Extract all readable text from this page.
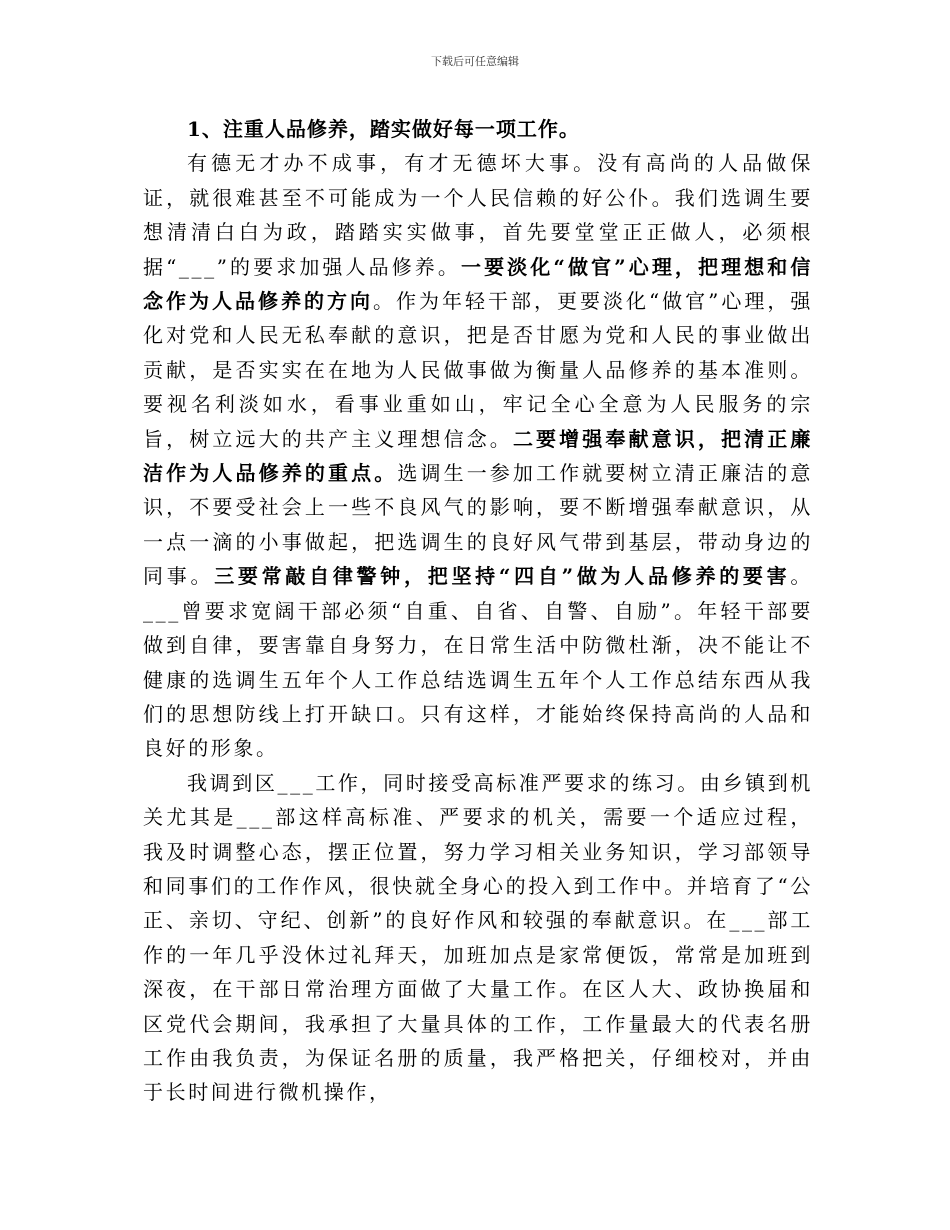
下载后可任意编辑

1、注重人品修养，踏实做好每一项工作。

有德无才办不成事，有才无德坏大事。没有高尚的人品做保证，就很难甚至不可能成为一个人民信赖的好公仆。我们选调生要想清清白白为政，踏踏实实做事，首先要堂堂正正做人，必须根据“___”的要求加强人品修养。一要淡化“做官”心理，把理想和信念作为人品修养的方向。作为年轻干部，更要淡化“做官”心理，强化对党和人民无私奉献的意识，把是否甘愿为党和人民的事业做出贡献，是否实实在在地为人民做事做为衡量人品修养的基本准则。要视名利淡如水，看事业重如山，牢记全心全意为人民服务的宗旨，树立远大的共产主义理想信念。二要增强奉献意识，把清正廉洁作为人品修养的重点。选调生一参加工作就要树立清正廉洁的意识，不要受社会上一些不良风气的影响，要不断增强奉献意识，从一点一滴的小事做起，把选调生的良好风气带到基层，带动身边的同事。三要常敲自律警钟，把坚持“四自”做为人品修养的要害。___曾要求宽阔干部必须“自重、自省、自警、自励”。年轻干部要做到自律，要害靠自身努力，在日常生活中防微杜渐，决不能让不健康的选调生五年个人工作总结选调生五年个人工作总结东西从我们的思想防线上打开缺口。只有这样，才能始终保持高尚的人品和良好的形象。

我调到区___工作，同时接受高标准严要求的练习。由乡镇到机关尤其是___部这样高标准、严要求的机关，需要一个适应过程，我及时调整心态，摆正位置，努力学习相关业务知识，学习部领导和同事们的工作作风，很快就全身心的投入到工作中。并培育了“公正、亲切、守纪、创新”的良好作风和较强的奉献意识。在___部工作的一年几乎没休过礼拜天，加班加点是家常便饭，常常是加班到深夜，在干部日常治理方面做了大量工作。在区人大、政协换届和区党代会期间，我承担了大量具体的工作，工作量最大的代表名册工作由我负责，为保证名册的质量，我严格把关，仔细校对，并由于长时间进行微机操作，
